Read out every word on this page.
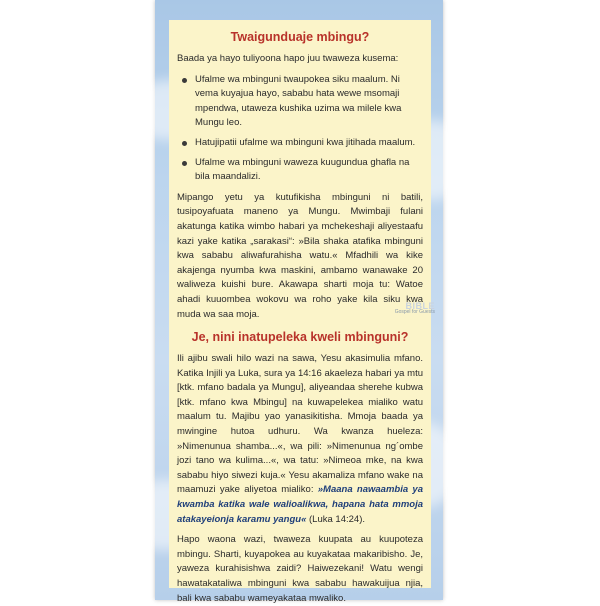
Twaigunduaje mbingu?

Baada ya hayo tuliyoona hapo juu twaweza kusema:

Ufalme wa mbinguni twaupokea siku maalum. Ni vema kuyajua hayo, sababu hata wewe msomaji mpendwa, utaweza kushika uzima wa milele kwa Mungu leo.
Hatujipatii ufalme wa mbinguni kwa jitihada maalum.
Ufalme wa mbinguni waweza kuugundua ghafla na bila maandalizi.

Mipango yetu ya kutufikisha mbinguni ni batili, tusipoyafuata maneno ya Mungu. Mwimbaji fulani akatunga katika wimbo habari ya mchekeshaji aliyestaafu kazi yake katika „sarakasi“: »Bila shaka atafika mbinguni kwa sababu aliwafurahisha watu.« Mfadhili wa kike akajenga nyumba kwa maskini, ambamo wanawake 20 waliweza kuishi bure. Akawapa sharti moja tu: Watoe ahadi kuuombea wokovu wa roho yake kila siku kwa muda wa saa moja.

Je, nini inatupeleka kweli mbinguni?

Ili ajibu swali hilo wazi na sawa, Yesu akasimulia mfano. Katika Injili ya Luka, sura ya 14:16 akaeleza habari ya mtu [ktk. mfano badala ya Mungu], aliyeandaa sherehe kubwa [ktk. mfano kwa Mbingu] na kuwapelekea mialiko watu maalum tu. Majibu yao yanasikitisha. Mmoja baada ya mwingine hutoa udhuru. Wa kwanza hueleza: »Nimenunua shamba...«, wa pili: »Nimenunua ng´ombe jozi tano wa kulima...«, wa tatu: »Nimeoa mke, na kwa sababu hiyo siwezi kuja.« Yesu akamaliza mfano wake na maamuzi yake aliyetoa mialiko: »Maana nawaambia ya kwamba katika wale walioalikwa, hapana hata mmoja atakayeionja karamu yangu« (Luka 14:24).

Hapo waona wazi, twaweza kuupata au kuupoteza mbingu. Sharti, kuyapokea au kuyakataa makaribisho. Je, yaweza kurahisishwa zaidi? Haiwezekani! Watu wengi hawatakataliwa mbinguni kwa sababu hawakuijua njia, bali kwa sababu wameyakataa mwaliko.

BIBLE
Gospel for Guests
